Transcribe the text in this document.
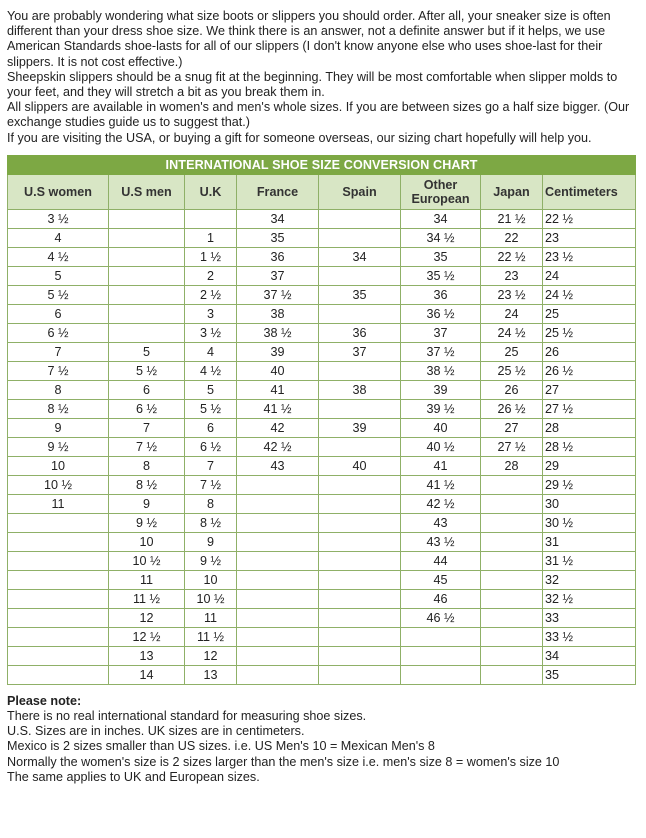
You are probably wondering what size boots or slippers you should order. After all, your sneaker size is often different than your dress shoe size. We think there is an answer, not a definite answer but if it helps, we use American Standards shoe-lasts for all of our slippers (I don't know anyone else who uses shoe-last for their slippers. It is not cost effective.)

Sheepskin slippers should be a snug fit at the beginning. They will be most comfortable when slipper molds to your feet, and they will stretch a bit as you break them in.

All slippers are available in women's and men's whole sizes. If you are between sizes go a half size bigger. (Our exchange studies guide us to suggest that.)

If you are visiting the USA, or buying a gift for someone overseas, our sizing chart hopefully will help you.

INTERNATIONAL SHOE SIZE CONVERSION CHART							
U.S women	U.S men	U.K	France	Spain	Other European	Japan	Centimeters
3 ½			34		34	21 ½	22 ½
4		1	35		34 ½	22	23
4 ½		1 ½	36	34	35	22 ½	23 ½
5		2	37		35 ½	23	24
5 ½		2 ½	37 ½	35	36	23 ½	24 ½
6		3	38		36 ½	24	25
6 ½		3 ½	38 ½	36	37	24 ½	25 ½
7	5	4	39	37	37 ½	25	26
7 ½	5 ½	4 ½	40		38 ½	25 ½	26 ½
8	6	5	41	38	39	26	27
8 ½	6 ½	5 ½	41 ½		39 ½	26 ½	27 ½
9	7	6	42	39	40	27	28
9 ½	7 ½	6 ½	42 ½		40 ½	27 ½	28 ½
10	8	7	43	40	41	28	29
10 ½	8 ½	7 ½			41 ½		29 ½
11	9	8			42 ½		30
	9 ½	8 ½			43		30 ½
	10	9			43 ½		31
	10 ½	9 ½			44		31 ½
	11	10			45		32
	11 ½	10 ½			46		32 ½
	12	11			46 ½		33
	12 ½	11 ½					33 ½
	13	12					34
	14	13					35

Please note:

There is no real international standard for measuring shoe sizes.

U.S. Sizes are in inches. UK sizes are in centimeters.

Mexico is 2 sizes smaller than US sizes. i.e. US Men's 10 = Mexican Men's 8

Normally the women's size is 2 sizes larger than the men's size i.e. men's size 8 = women's size 10

The same applies to UK and European sizes.
